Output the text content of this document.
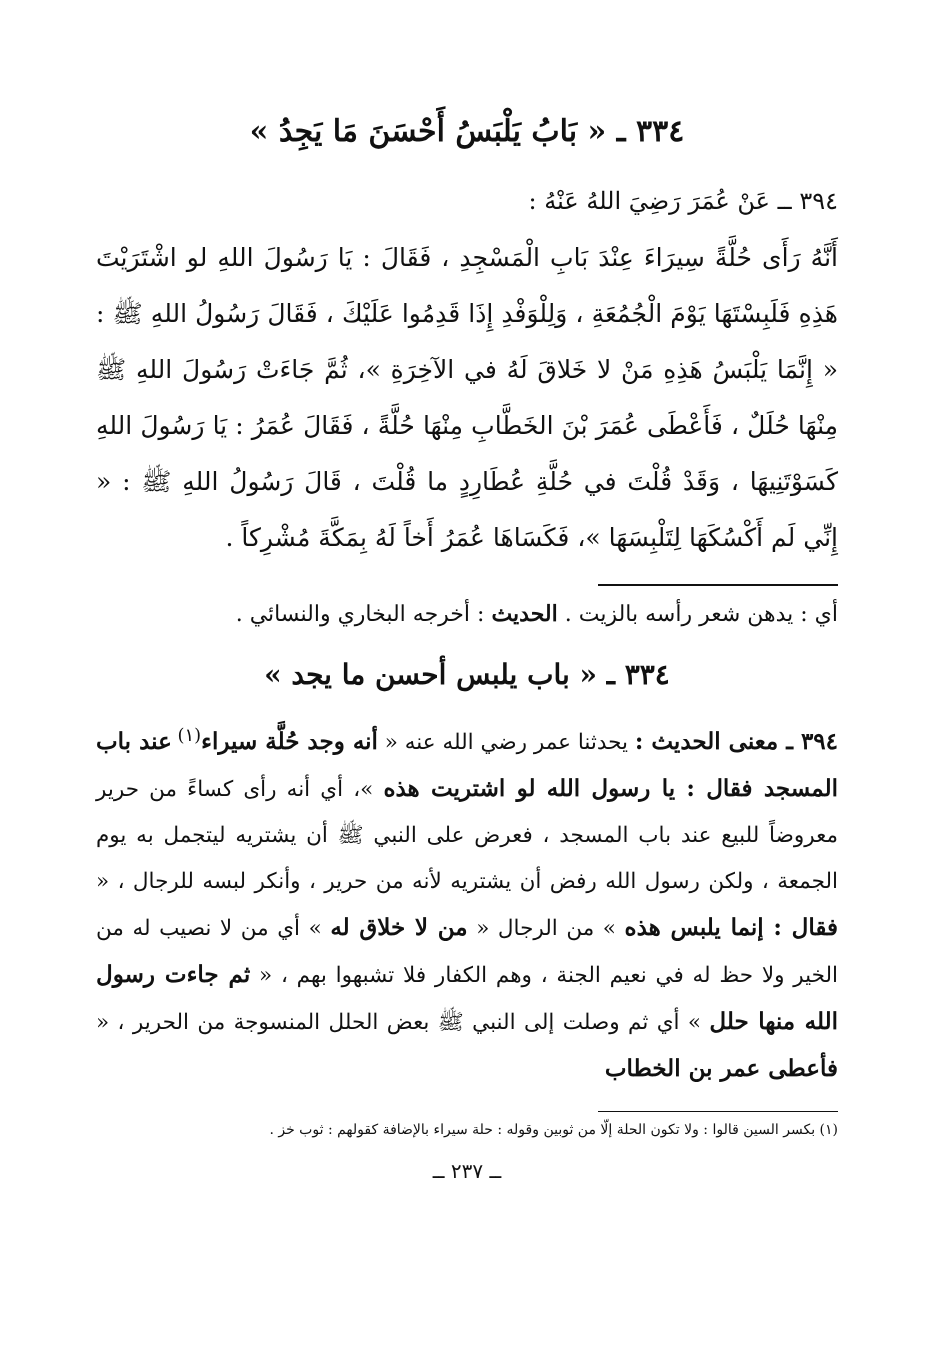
٣٣٤ ـ « بَابُ يَلْبَسُ أَحْسَنَ مَا يَجِدُ »
٣٩٤ ــ عَنْ عُمَرَ رَضِيَ اللهُ عَنْهُ :

أَنَّهُ رَأَى حُلَّةً سِيرَاءَ عِنْدَ بَابِ الْمَسْجِدِ ، فَقَالَ : يَا رَسُولَ اللهِ لو اشْتَرَيْتَ هَذِهِ فَلَبِسْتَهَا يَوْمَ الْجُمُعَةِ ، وَلِلْوَفْدِ إِذَا قَدِمُوا عَلَيْكَ ، فَقَالَ رَسُولُ اللهِ ﷺ : « إِنَّمَا يَلْبَسُ هَذِهِ مَنْ لا خَلاقَ لَهُ في الآخِرَةِ »، ثُمَّ جَاءَتْ رَسُولَ اللهِ ﷺ مِنْهَا حُلَلٌ ، فَأَعْطَى عُمَرَ بْنَ الخَطَّابِ مِنْهَا حُلَّةً ، فَقَالَ عُمَرُ : يَا رَسُولَ اللهِ كَسَوْتَنِيهَا ، وَقَدْ قُلْتَ في حُلَّةِ عُطَارِدٍ ما قُلْتَ ، قَالَ رَسُولُ اللهِ ﷺ : « إِنِّي لَم أَكْسُكَهَا لِتَلْبِسَهَا »، فَكَسَاهَا عُمَرُ أَخاً لَهُ بِمَكَّةَ مُشْرِكاً .

أي : يدهن شعر رأسه بالزيت . الحديث : أخرجه البخاري والنسائي .

٣٣٤ ـ « باب يلبس أحسن ما يجد »

٣٩٤ ـ معنى الحديث : يحدثنا عمر رضي الله عنه « أنه وجد حُلَّة سيراء$^{(١)}$ عند باب المسجد فقال : يا رسول الله لو اشتريت هذه »، أي أنه رأى كساءً من حرير معروضاً للبيع عند باب المسجد ، فعرض على النبي ﷺ أن يشتريه ليتجمل به يوم الجمعة ، ولكن رسول الله رفض أن يشتريه لأنه من حرير ، وأنكر لبسه للرجال ، « فقال : إنما يلبس هذه » من الرجال « من لا خلاق له » أي من لا نصيب له من الخير ولا حظ له في نعيم الجنة ، وهم الكفار فلا تشبهوا بهم ، « ثم جاءت رسول الله منها حلل » أي ثم وصلت إلى النبي ﷺ بعض الحلل المنسوجة من الحرير ، « فأعطى عمر بن الخطاب

(١) بكسر السين قالوا : ولا تكون الحلة إلّا من ثوبين وقوله : حلة سيراء بالإضافة كقولهم : ثوب خز .

ــ ٢٣٧ ــ
